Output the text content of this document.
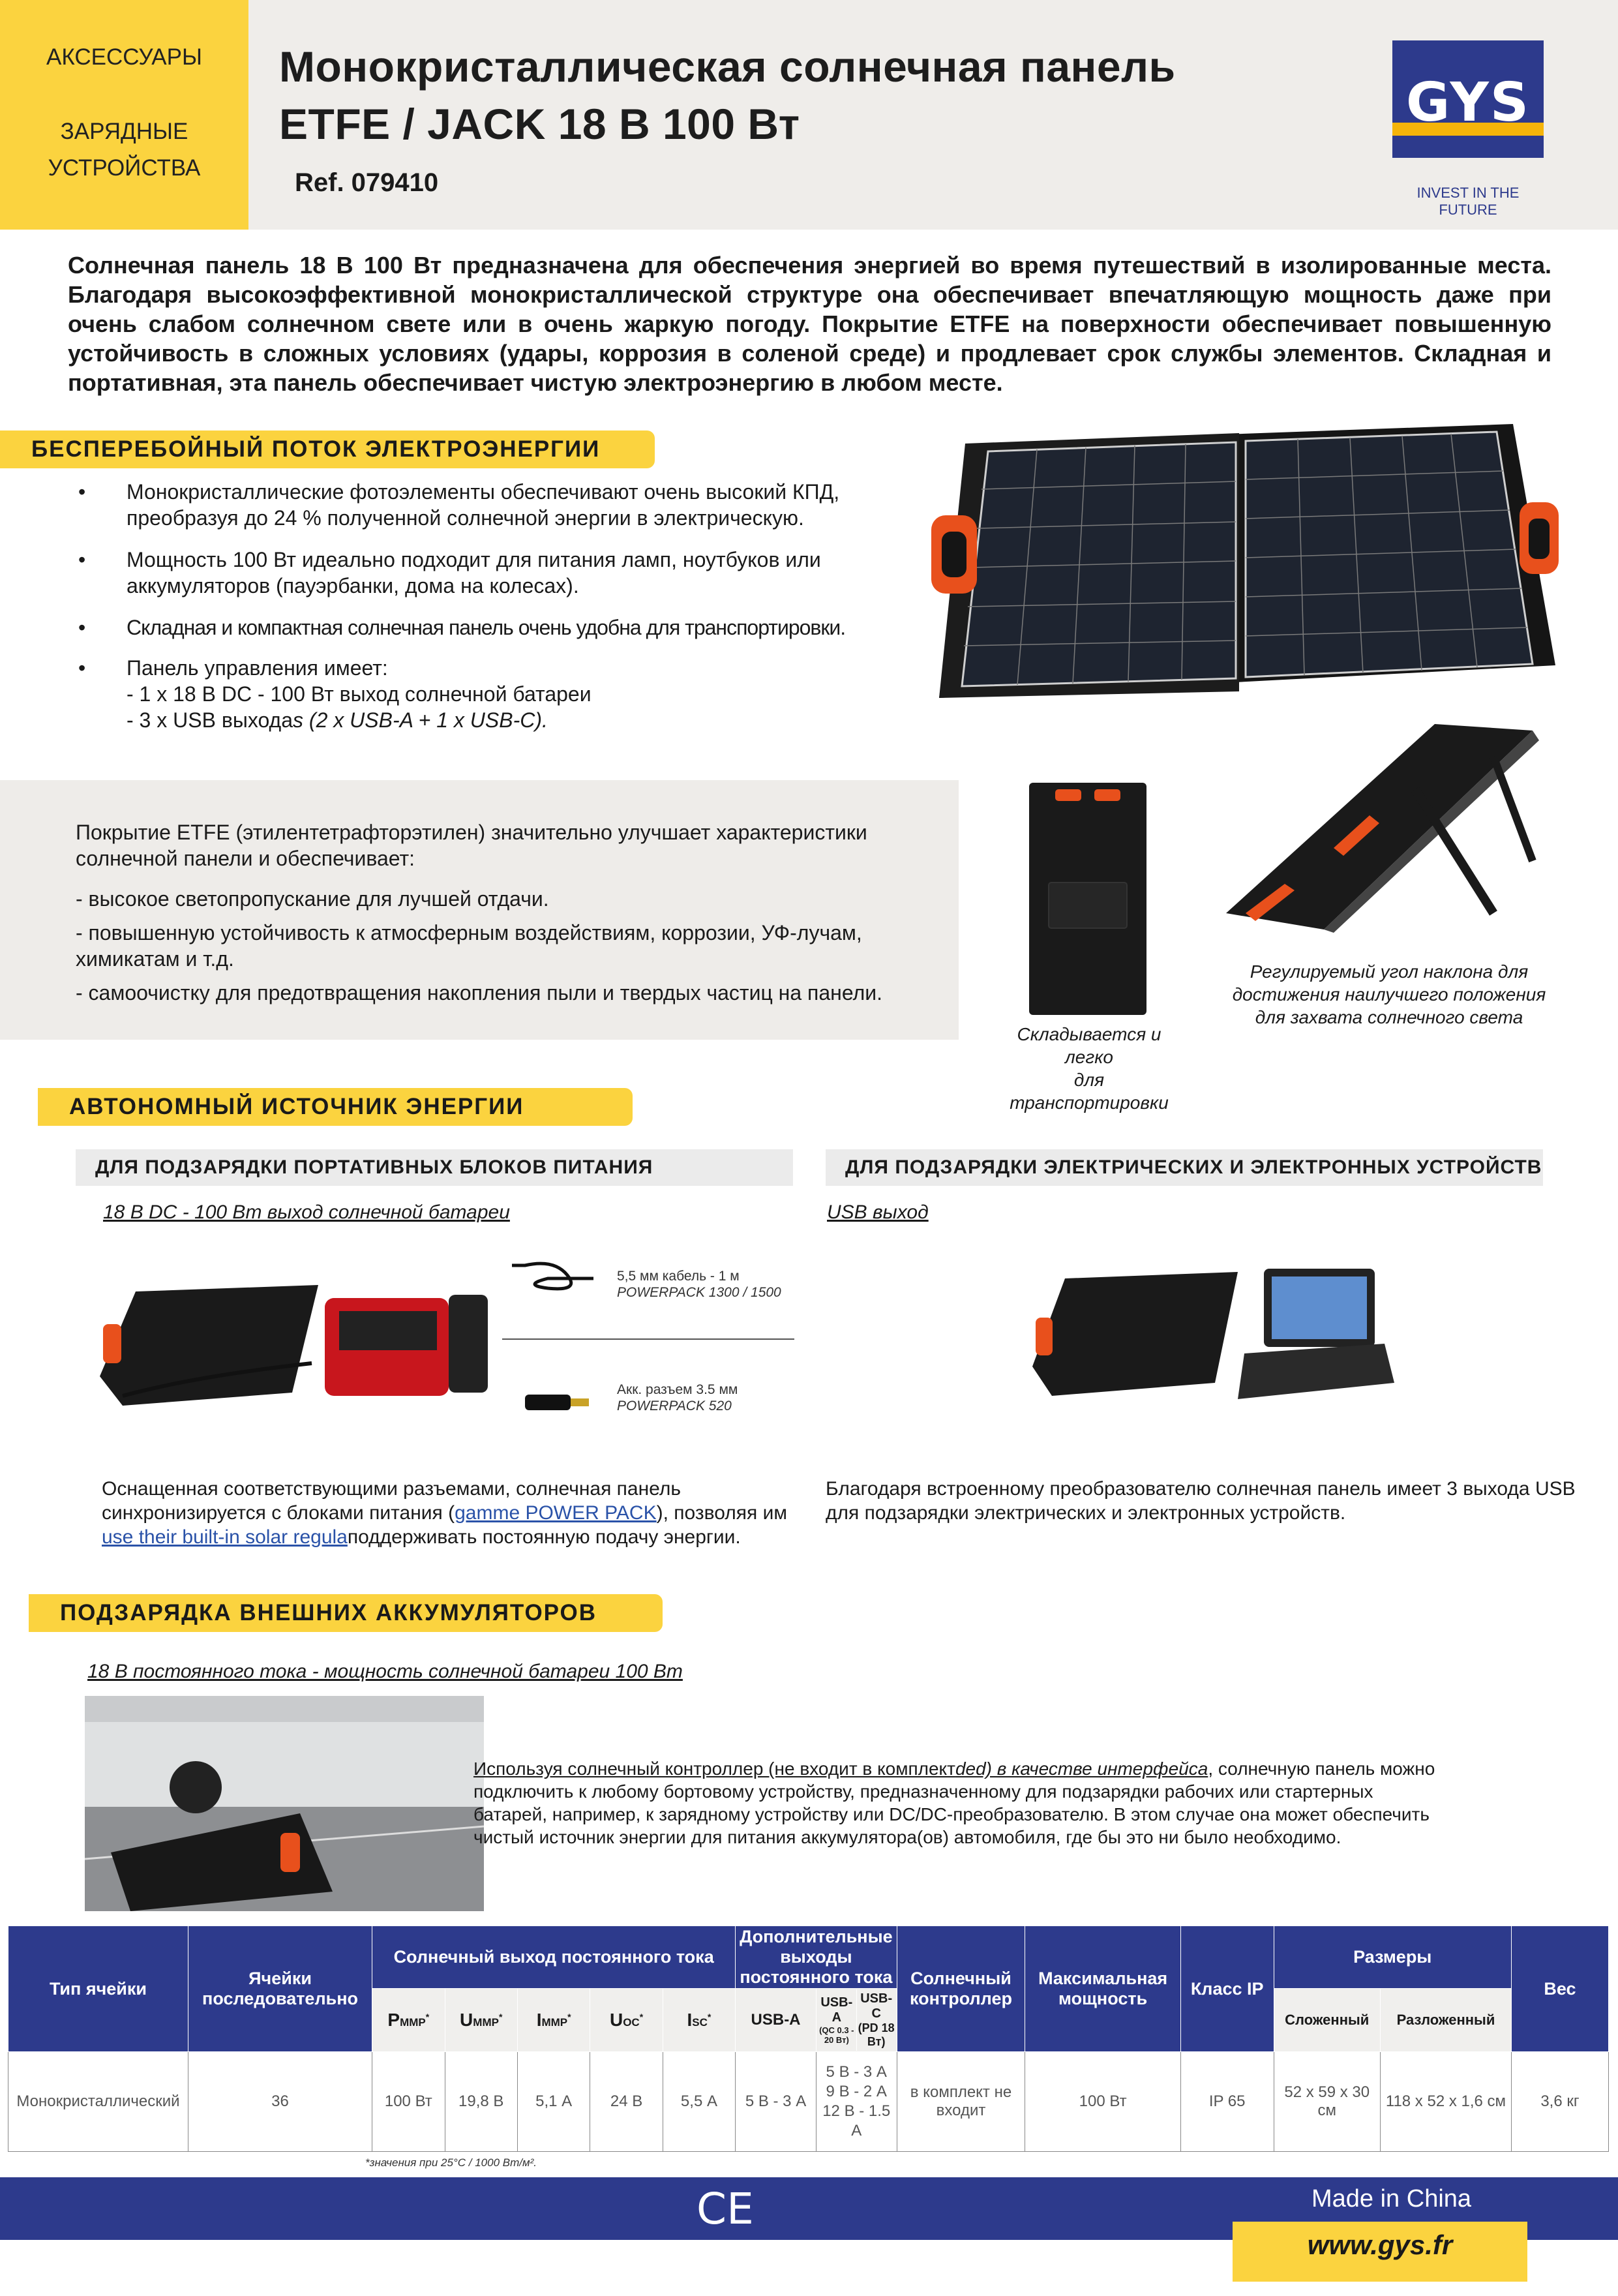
АКСЕССУАРЫ
ЗАРЯДНЫЕ
УСТРОЙСТВА
Монокристаллическая солнечная панель
ETFE / JACK 18 В 100 Вт
Ref. 079410
GYS
INVEST IN THE FUTURE
Солнечная панель 18 В 100 Вт предназначена для обеспечения энергией во время путешествий в изолированные места. Благодаря высокоэффективной монокристаллической структуре она обеспечивает впечатляющую мощность даже при очень слабом солнечном свете или в очень жаркую погоду. Покрытие ETFE на поверхности обеспечивает повышенную устойчивость в сложных условиях (удары, коррозия в соленой среде) и продлевает срок службы элементов. Складная и портативная, эта панель обеспечивает чистую электроэнергию в любом месте.
БЕСПЕРЕБОЙНЫЙ ПОТОК ЭЛЕКТРОЭНЕРГИИ
• Монокристаллические фотоэлементы обеспечивают очень высокий КПД,
преобразуя до 24 % полученной солнечной энергии в электрическую.
• Мощность 100 Вт идеально подходит для питания ламп, ноутбуков или
аккумуляторов (пауэрбанки, дома на колесах).
• Складная и компактная солнечная панель очень удобна для транспортировки.
• Панель управления имеет:
- 1 x 18 В DC - 100 Вт выход солнечной батареи
- 3 x USB выходаs (2 x USB-A + 1 x USB-C).
Покрытие ETFE (этилентетрафторэтилен) значительно улучшает характеристики
солнечной панели и обеспечивает:
- высокое светопропускание для лучшей отдачи.
- повышенную устойчивость к атмосферным воздействиям, коррозии, УФ-лучам,
химикатам и т.д.
- самоочистку для предотвращения накопления пыли и твердых частиц на панели.
Складывается и
легко
для
транспортировки
Регулируемый угол наклона для
достижения наилучшего положения
для захвата солнечного света
АВТОНОМНЫЙ ИСТОЧНИК ЭНЕРГИИ
ДЛЯ ПОДЗАРЯДКИ ПОРТАТИВНЫХ БЛОКОВ ПИТАНИЯ	ДЛЯ ПОДЗАРЯДКИ ЭЛЕКТРИЧЕСКИХ И ЭЛЕКТРОННЫХ УСТРОЙСТВ
18 В DC - 100 Вт выход солнечной батареи	USB выход
5,5 мм кабель - 1 м
POWERPACK 1300 / 1500
Акк. разъем 3.5 мм
POWERPACK 520
Оснащенная соответствующими разъемами, солнечная панель
синхронизируется с блоками питания (gamme POWER PACK), позволяя им
use their built-in solar regulaподдерживать постоянную подачу энергии.
Благодаря встроенному преобразователю солнечная панель имеет 3 выхода USB
для подзарядки электрических и электронных устройств.
ПОДЗАРЯДКА ВНЕШНИХ АККУМУЛЯТОРОВ
18 В постоянного тока - мощность солнечной батареи 100 Вт
Используя солнечный контроллер (не входит в комплектded) в качестве интерфейса, солнечную панель можно
подключить к любому бортовому устройству, предназначенному для подзарядки рабочих или стартерных
батарей, например, к зарядному устройству или DC/DC-преобразователю. В этом случае она может обеспечить
чистый источник энергии для питания аккумулятора(ов) автомобиля, где бы это ни было необходимо.
Тип ячейки	Ячейки последовательно	Солнечный выход постоянного тока					Дополнительные выходы постоянного тока		Солнечный контроллер	Максимальная мощность	Класс IP	Размеры		Вес
		PMMP*	UMMP*	IMMP*	UOC*	ISC*	USB-A	USB-A
(QC 0.3 - 20 Вт)
USB-C
(PD 18 Вт)				Сложенный	Разложенный	
Монокристаллический	36	100 Вт	19,8 В	5,1 А	24 В	5,5 А	5 В - 3 А	5 В - 3 А
9 В - 2 А
12 В - 1.5 А	в комплект не входит	100 Вт	IP 65	52 x 59 x 30 см	118 x 52 x 1,6 см	3,6 кг
*значения при 25°C / 1000 Вт/м².
CE	Made in China
www.gys.fr
